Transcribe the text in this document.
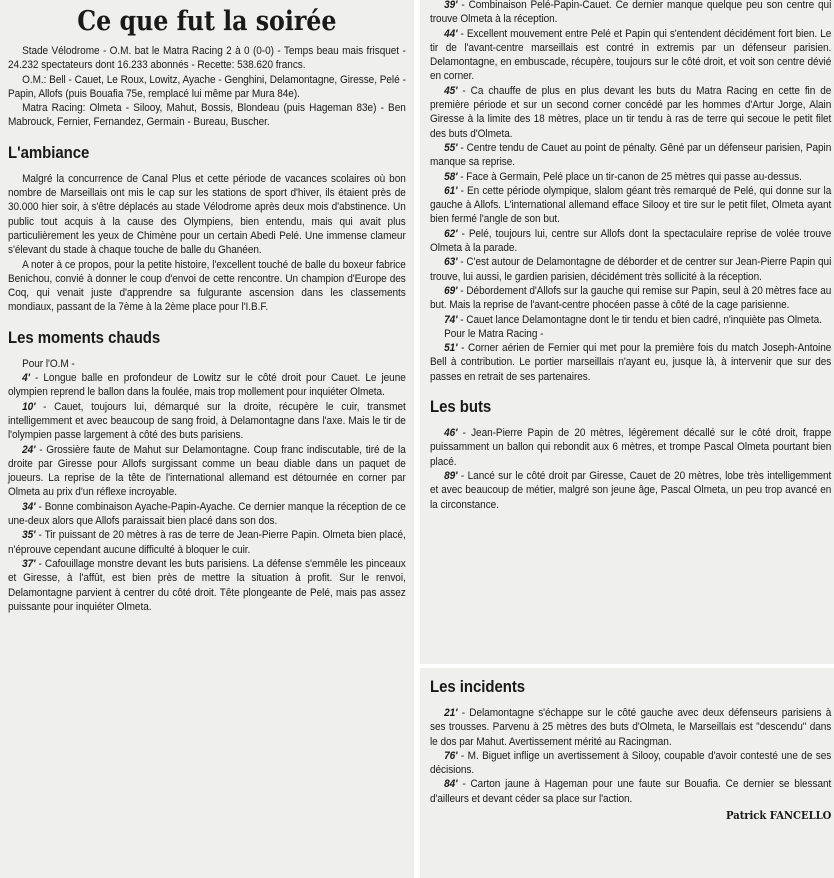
Ce que fut la soirée

Stade Vélodrome - O.M. bat le Matra Racing 2 à 0 (0-0) - Temps beau mais frisquet - 24.232 spectateurs dont 16.233 abonnés - Recette: 538.620 francs.

O.M.: Bell - Cauet, Le Roux, Lowitz, Ayache - Genghini, Delamontagne, Giresse, Pelé - Papin, Allofs (puis Bouafia 75e, remplacé lui même par Mura 84e).

Matra Racing: Olmeta - Silooy, Mahut, Bossis, Blondeau (puis Hageman 83e) - Ben Mabrouck, Fernier, Fernandez, Germain - Bureau, Buscher.

L'ambiance

Malgré la concurrence de Canal Plus et cette période de vacances scolaires où bon nombre de Marseillais ont mis le cap sur les stations de sport d'hiver, ils étaient près de 30.000 hier soir, à s'être déplacés au stade Vélodrome après deux mois d'abstinence. Un public tout acquis à la cause des Olympiens, bien entendu, mais qui avait plus particulièrement les yeux de Chimène pour un certain Abedi Pelé. Une immense clameur s'élevant du stade à chaque touche de balle du Ghanéen.

A noter à ce propos, pour la petite histoire, l'excellent touché de balle du boxeur fabrice Benichou, convié à donner le coup d'envoi de cette rencontre. Un champion d'Europe des Coq, qui venait juste d'apprendre sa fulgurante ascension dans les classements mondiaux, passant de la 7ème à la 2ème place pour l'I.B.F.

Les moments chauds

Pour l'O.M -

4' - Longue balle en profondeur de Lowitz sur le côté droit pour Cauet. Le jeune olympien reprend le ballon dans la foulée, mais trop mollement pour inquiéter Olmeta.

10' - Cauet, toujours lui, démarqué sur la droite, récupère le cuir, transmet intelligemment et avec beaucoup de sang froid, à Delamontagne dans l'axe. Mais le tir de l'olympien passe largement à côté des buts parisiens.

24' - Grossière faute de Mahut sur Delamontagne. Coup franc indiscutable, tiré de la droite par Giresse pour Allofs surgissant comme un beau diable dans un paquet de joueurs. La reprise de la tête de l'international allemand est détournée en corner par Olmeta au prix d'un réflexe incroyable.

34' - Bonne combinaison Ayache-Papin-Ayache. Ce dernier manque la réception de ce une-deux alors que Allofs paraissait bien placé dans son dos.

35' - Tir puissant de 20 mètres à ras de terre de Jean-Pierre Papin. Olmeta bien placé, n'éprouve cependant aucune difficulté à bloquer le cuir.

37' - Cafouillage monstre devant les buts parisiens. La défense s'emmêle les pinceaux et Giresse, à l'affût, est bien près de mettre la situation à profit. Sur le renvoi, Delamontagne parvient à centrer du côté droit. Tête plongeante de Pelé, mais pas assez puissante pour inquiéter Olmeta.

39' - Combinaison Pelé-Papin-Cauet. Ce dernier manque quelque peu son centre qui trouve Olmeta à la réception.

44' - Excellent mouvement entre Pelé et Papin qui s'entendent décidément fort bien. Le tir de l'avant-centre marseillais est contré in extremis par un défenseur parisien. Delamontagne, en embuscade, récupère, toujours sur le côté droit, et voit son centre dévié en corner.

45' - Ca chauffe de plus en plus devant les buts du Matra Racing en cette fin de première période et sur un second corner concédé par les hommes d'Artur Jorge, Alain Giresse à la limite des 18 mètres, place un tir tendu à ras de terre qui secoue le petit filet des buts d'Olmeta.

55' - Centre tendu de Cauet au point de pénalty. Gêné par un défenseur parisien, Papin manque sa reprise.

58' - Face à Germain, Pelé place un tir-canon de 25 mètres qui passe au-dessus.

61' - En cette période olympique, slalom géant très remarqué de Pelé, qui donne sur la gauche à Allofs. L'international allemand efface Silooy et tire sur le petit filet, Olmeta ayant bien fermé l'angle de son but.

62' - Pelé, toujours lui, centre sur Allofs dont la spectaculaire reprise de volée trouve Olmeta à la parade.

63' - C'est autour de Delamontagne de déborder et de centrer sur Jean-Pierre Papin qui trouve, lui aussi, le gardien parisien, décidément très sollicité à la réception.

69' - Débordement d'Allofs sur la gauche qui remise sur Papin, seul à 20 mètres face au but. Mais la reprise de l'avant-centre phocéen passe à côté de la cage parisienne.

74' - Cauet lance Delamontagne dont le tir tendu et bien cadré, n'inquiète pas Olmeta.

Pour le Matra Racing -

51' - Corner aérien de Fernier qui met pour la première fois du match Joseph-Antoine Bell à contribution. Le portier marseillais n'ayant eu, jusque là, à intervenir que sur des passes en retrait de ses partenaires.

Les buts

46' - Jean-Pierre Papin de 20 mètres, légèrement décallé sur le côté droit, frappe puissamment un ballon qui rebondit aux 6 mètres, et trompe Pascal Olmeta pourtant bien placé.

89' - Lancé sur le côté droit par Giresse, Cauet de 20 mètres, lobe très intelligemment et avec beaucoup de métier, malgré son jeune âge, Pascal Olmeta, un peu trop avancé en la circonstance.

Les incidents

21' - Delamontagne s'échappe sur le côté gauche avec deux défenseurs parisiens à ses trousses. Parvenu à 25 mètres des buts d'Olmeta, le Marseillais est "descendu" dans le dos par Mahut. Avertissement mérité au Racingman.

76' - M. Biguet inflige un avertissement à Silooy, coupable d'avoir contesté une de ses décisions.

84' - Carton jaune à Hageman pour une faute sur Bouafia. Ce dernier se blessant d'ailleurs et devant céder sa place sur l'action.

Patrick FANCELLO
